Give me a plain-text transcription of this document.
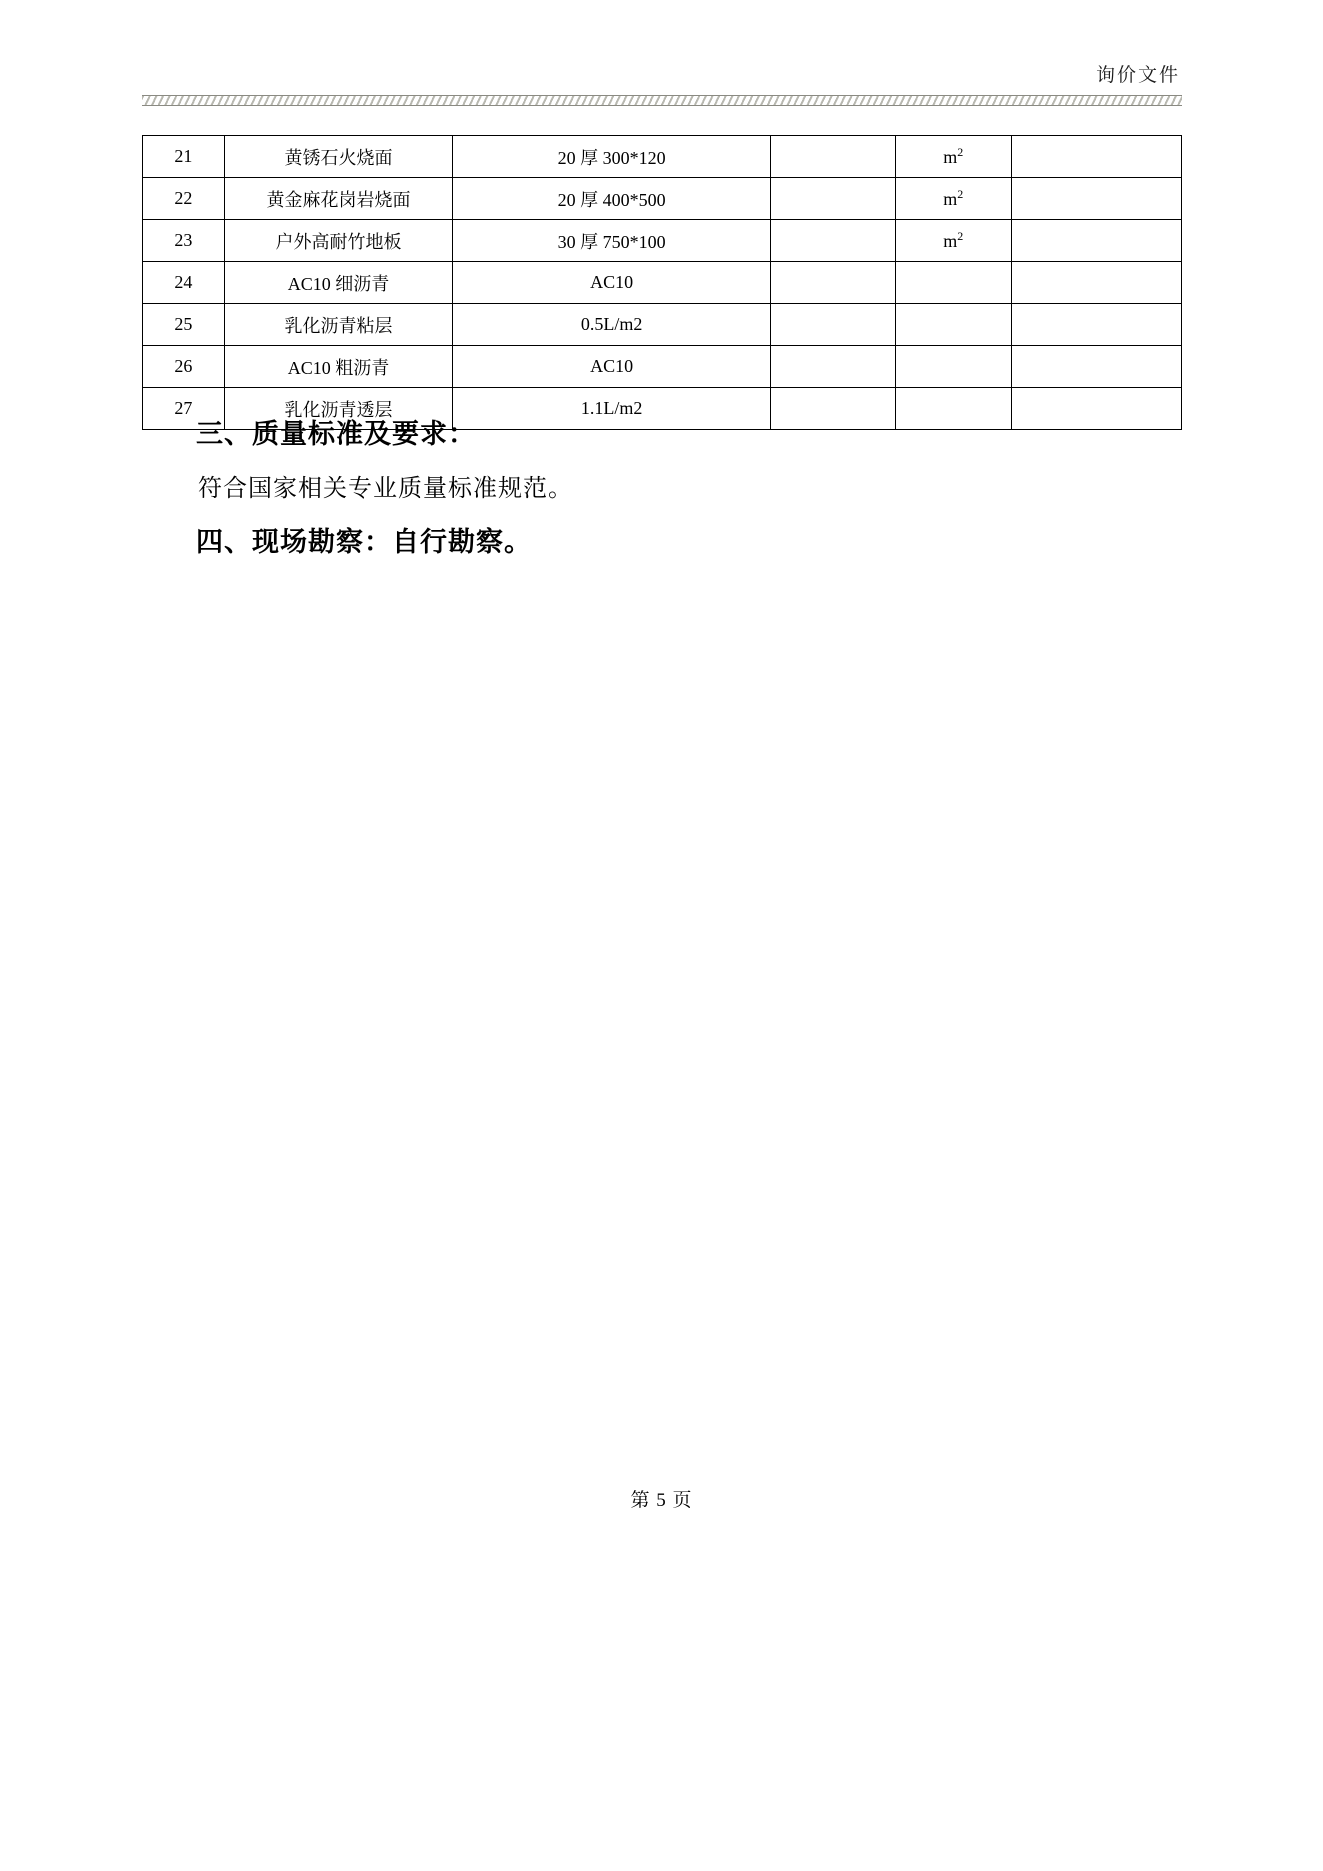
询价文件
21	黄锈石火烧面	20 厚 300*120		$m^2$	
22	黄金麻花岗岩烧面	20 厚 400*500		$m^2$	
23	户外高耐竹地板	30 厚 750*100		$m^2$	
24	AC10 细沥青	AC10			
25	乳化沥青粘层	0.5L/m2			
26	AC10 粗沥青	AC10			
27	乳化沥青透层	1.1L/m2			
三、质量标准及要求：
符合国家相关专业质量标准规范。
四、现场勘察：自行勘察。
第 5 页
